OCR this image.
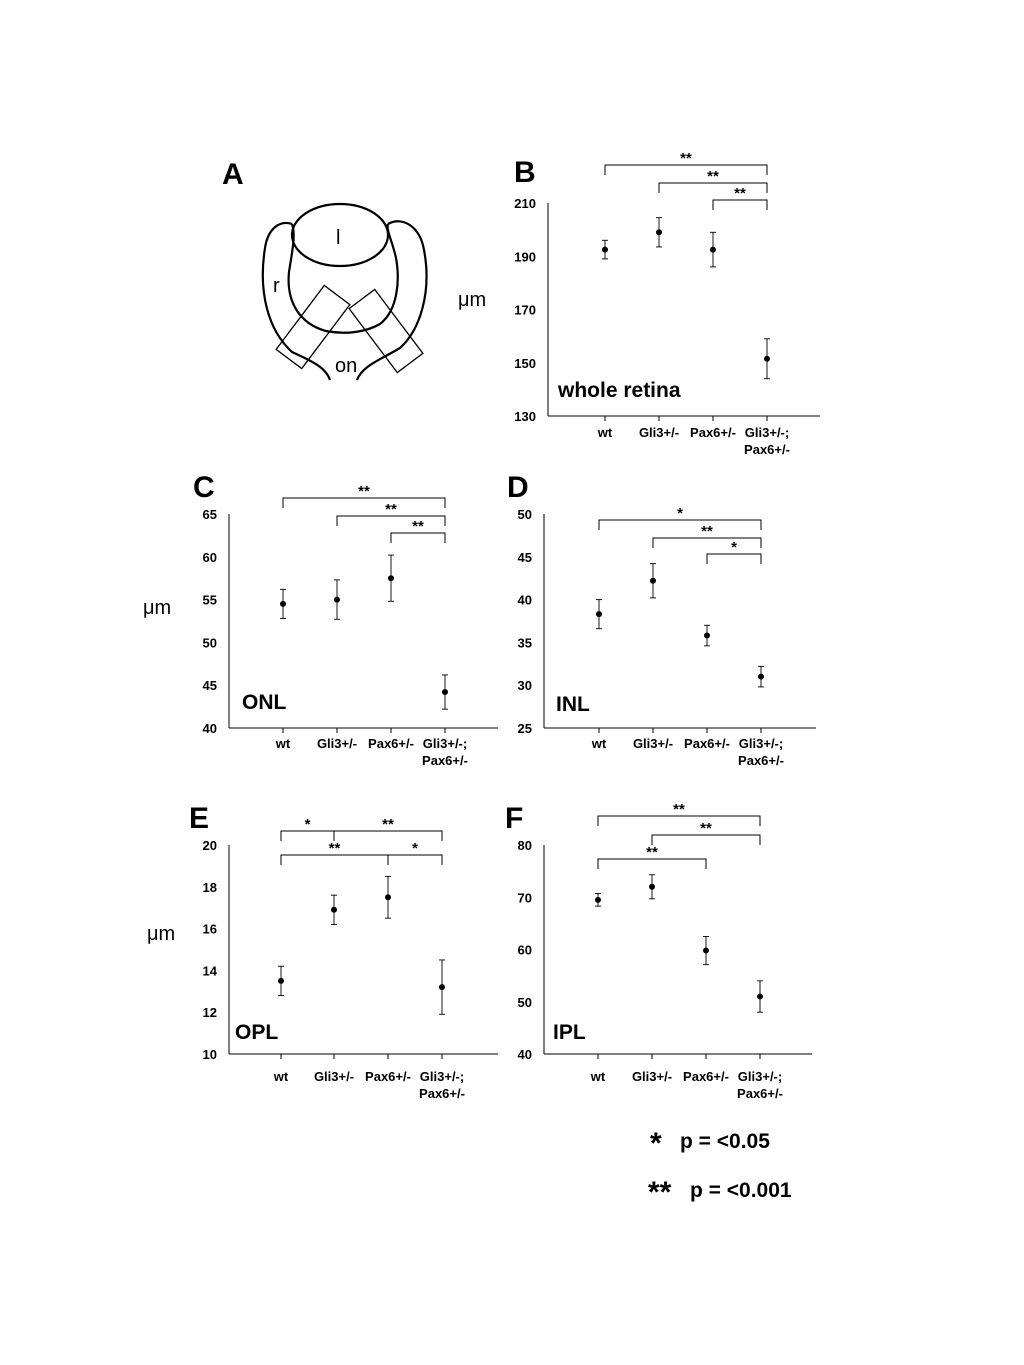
A
l
r
on
B
130
150
170
190
210
wt Gli3+/- Pax6+/- Gli3+/-; Pax6+/-
μm
whole retina
**
**
**
C
40
45
50
55
60
65
wt Gli3+/- Pax6+/- Gli3+/-; Pax6+/-
μm
ONL
**
**
**
D
25
30
35
40
45
50
wt Gli3+/- Pax6+/- Gli3+/-; Pax6+/-
INL
*
**
*
E
10
12
14
16
18
20
wt Gli3+/- Pax6+/- Gli3+/-; Pax6+/-
μm
OPL
*	**
**	*
F
40
50
60
70
80
wt Gli3+/- Pax6+/- Gli3+/-; Pax6+/-
IPL
**
**
**
* p = <0.05
** p = <0.001
